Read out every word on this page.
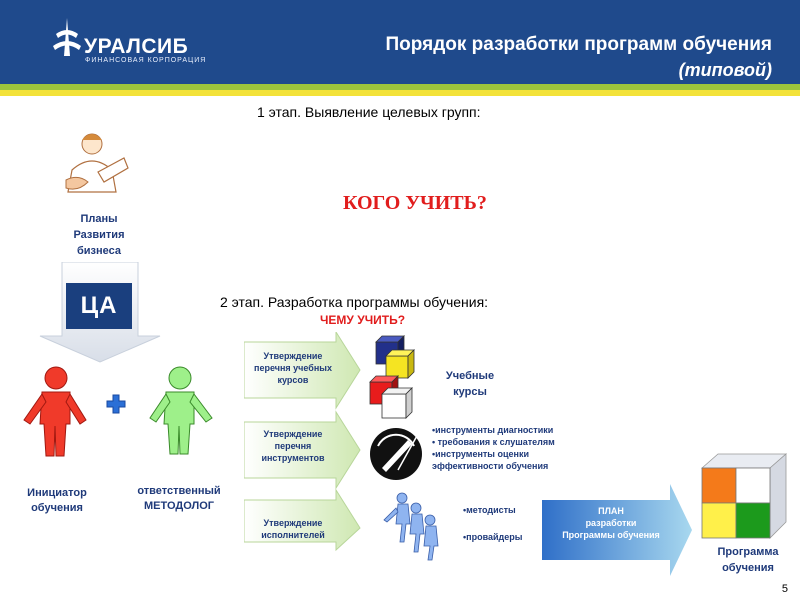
УРАЛСИБ
ФИНАНСОВАЯ КОРПОРАЦИЯ
Порядок разработки программ обучения
(типовой)
1 этап. Выявление целевых групп:
КОГО УЧИТЬ?
Планы
Развития
бизнеса
ЦА	2 этап. Разработка программы обучения:
ЧЕМУ УЧИТЬ?
Инициатор
обучения
ответственный
МЕТОДОЛОГ
Утверждение
перечня учебных
курсов
Утверждение
перечня
инструментов
Утверждение
исполнителей
Учебные
курсы
•инструменты диагностики
• требования к слушателям
•инструменты оценки
эффективности обучения
•методисты
•провайдеры
ПЛАН
разработки
Программы обучения
Программа
обучения
5
